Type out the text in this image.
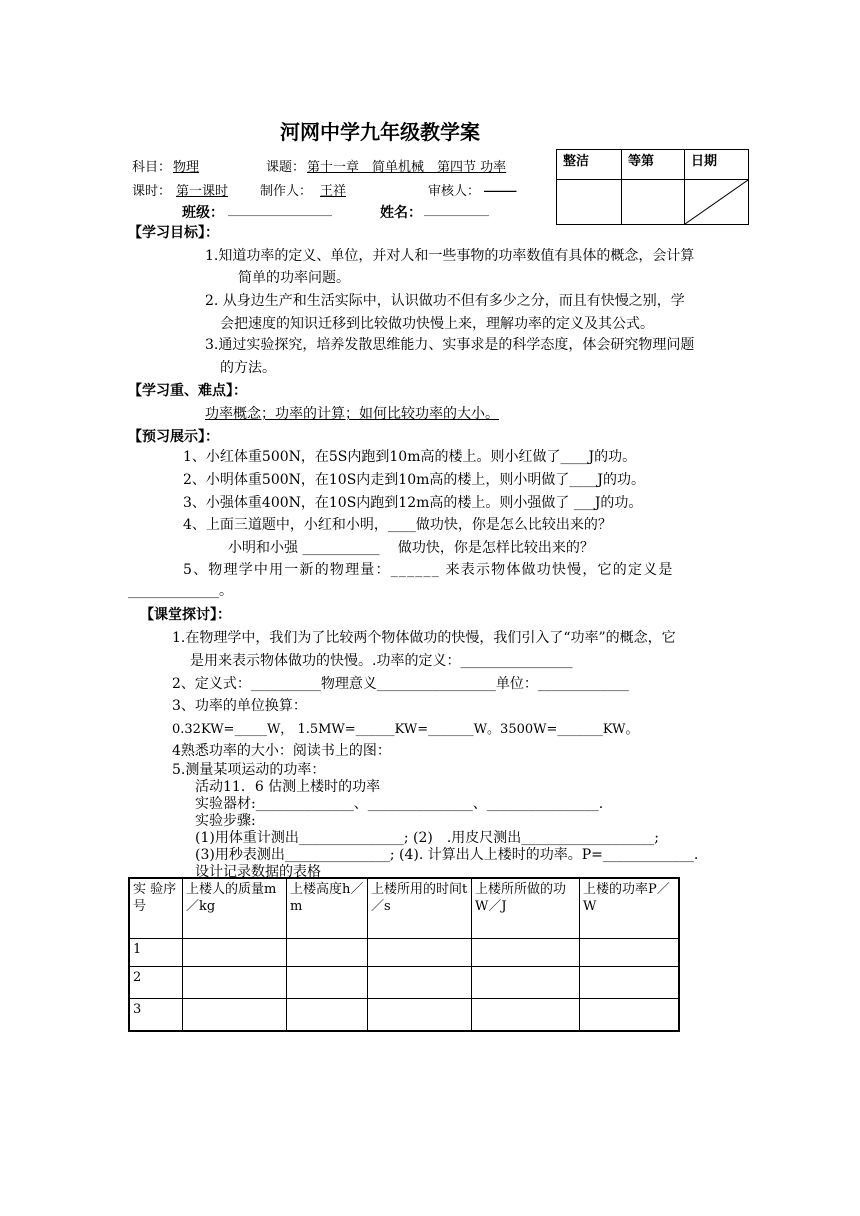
河网中学九年级教学案
科目： 物理	课题： 第十一章　简单机械　第四节 功率
课时： 第一课时 制作人： 王祥	审核人： _____
班级： ________________	姓名： __________
整洁	等第	日期

【学习目标】：
1.知道功率的定义、单位，并对人和一些事物的功率数值有具体的概念，会计算
简单的功率问题。
2. 从身边生产和生活实际中，认识做功不但有多少之分，而且有快慢之别，学
会把速度的知识迁移到比较做功快慢上来，理解功率的定义及其公式。
3.通过实验探究，培养发散思维能力、实事求是的科学态度，体会研究物理问题
的方法。
【学习重、难点】：
功率概念；功率的计算；如何比较功率的大小。
【预习展示】：
1、小红体重500N，在5S内跑到10m高的楼上。则小红做了____J的功。
2、小明体重500N，在10S内走到10m高的楼上，则小明做了____J的功。
3、小强体重400N，在10S内跑到12m高的楼上。则小强做了 ___J的功。
4、上面三道题中，小红和小明，____做功快，你是怎么比较出来的？
小明和小强 ___________　 做功快，你是怎样比较出来的？
5、物理学中用一新的物理量：______ 来表示物体做功快慢，它的定义是
_____________。
【课堂探讨】：
1.在物理学中，我们为了比较两个物体做功的快慢，我们引入了“功率”的概念，它
是用来表示物体做功的快慢。.功率的定义：________________
2、定义式：__________物理意义_________________单位：_____________
3、功率的单位换算：
0.32KW=_____W， 1.5MW=______KW=_______W。3500W=_______KW。
4熟悉功率的大小：阅读书上的图：
5.测量某项运动的功率：
活动11．6 估测上楼时的功率
实验器材:______________、_______________、________________.
实验步骤:
(1)用体重计测出_______________; (2)　.用皮尺测出___________________;
(3)用秒表测出_______________; (4). 计算出人上楼时的功率。P=_____________.
设计记录数据的表格
实 验序号	上楼人的质量m／kg	上楼高度h／m	上楼所用的时间t／s	上楼所所做的功W／J	上楼的功率P／W
1					
2					
3					
